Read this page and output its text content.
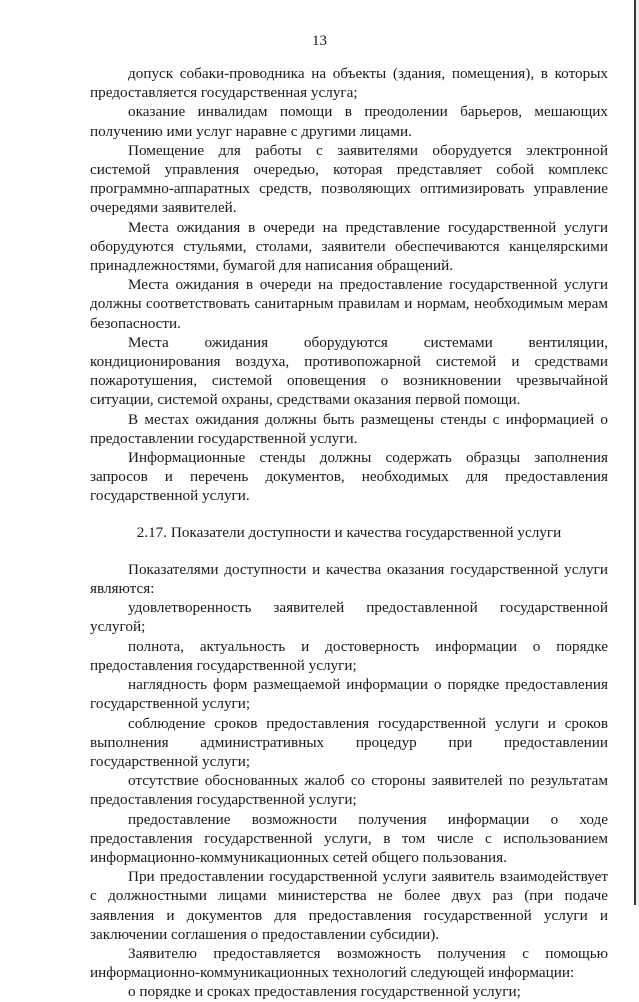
13

допуск собаки-проводника на объекты (здания, помещения), в которых предоставляется государственная услуга;

оказание инвалидам помощи в преодолении барьеров, мешающих получению ими услуг наравне с другими лицами.

Помещение для работы с заявителями оборудуется электронной системой управления очередью, которая представляет собой комплекс программно-аппаратных средств, позволяющих оптимизировать управление очередями заявителей.

Места ожидания в очереди на представление государственной услуги оборудуются стульями, столами, заявители обеспечиваются канцелярскими принадлежностями, бумагой для написания обращений.

Места ожидания в очереди на предоставление государственной услуги должны соответствовать санитарным правилам и нормам, необходимым мерам безопасности.

Места ожидания оборудуются системами вентиляции, кондиционирования воздуха, противопожарной системой и средствами пожаротушения, системой оповещения о возникновении чрезвычайной ситуации, системой охраны, средствами оказания первой помощи.

В местах ожидания должны быть размещены стенды с информацией о предоставлении государственной услуги.

Информационные стенды должны содержать образцы заполнения запросов и перечень документов, необходимых для предоставления государственной услуги.

2.17. Показатели доступности и качества государственной услуги

Показателями доступности и качества оказания государственной услуги являются:

удовлетворенность заявителей предоставленной государственной услугой;

полнота, актуальность и достоверность информации о порядке предоставления государственной услуги;

наглядность форм размещаемой информации о порядке предоставления государственной услуги;

соблюдение сроков предоставления государственной услуги и сроков выполнения административных процедур при предоставлении государственной услуги;

отсутствие обоснованных жалоб со стороны заявителей по результатам предоставления государственной услуги;

предоставление возможности получения информации о ходе предоставления государственной услуги, в том числе с использованием информационно-коммуникационных сетей общего пользования.

При предоставлении государственной услуги заявитель взаимодействует с должностными лицами министерства не более двух раз (при подаче заявления и документов для предоставления государственной услуги и заключении соглашения о предоставлении субсидии).

Заявителю предоставляется возможность получения с помощью информационно-коммуникационных технологий следующей информации:

о порядке и сроках предоставления государственной услуги;
